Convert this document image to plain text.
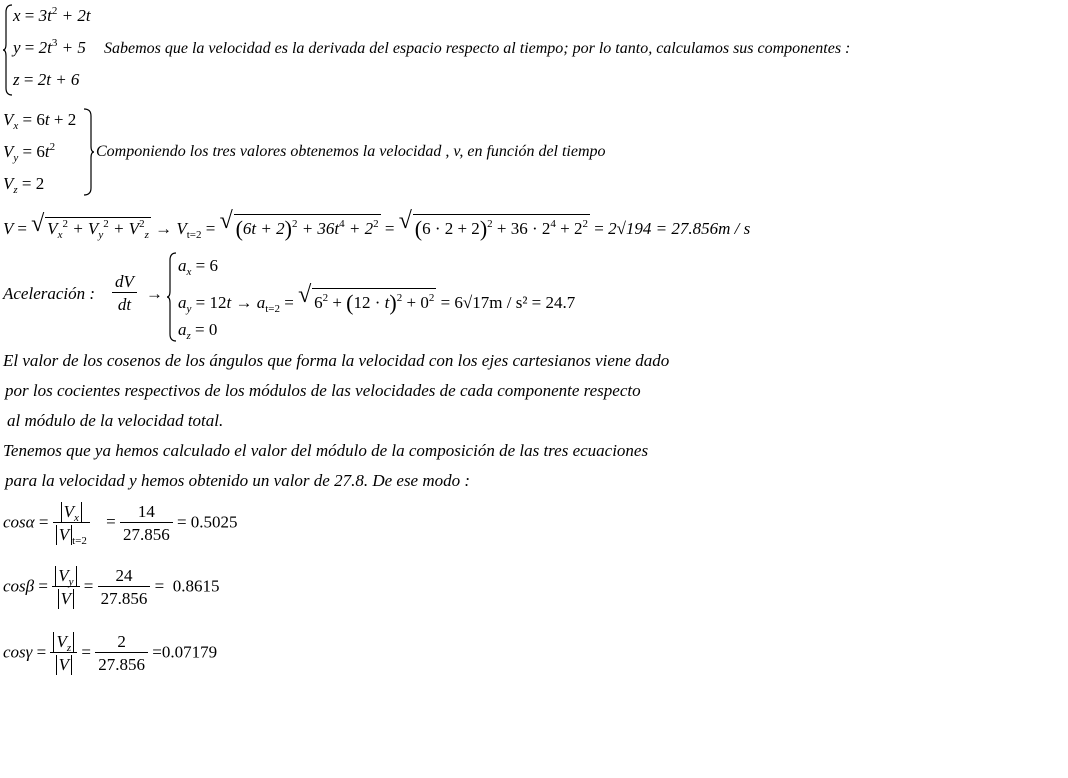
$x = 3t^2 + 2t$
$y = 2t^3 + 5$ Sabemos que la velocidad es la derivada del espacio respecto al tiempo; por lo tanto, calculamos sus componentes :
z = 2t + 6
$V_x = 6t + 2$
$V_y = 6t^2$
$V_z = 2$
Componiendo los tres valores obtenemos la velocidad , v, en función del tiempo
V = √ $V_x^2 + V_y^2 + V^2_z \to V_{t=2}$ = √ $(6t + 2)^2 + 36t^4 + 2^2$ = √ $(6 \cdot 2 + 2)^2 + 36 \cdot 2^4 + 2^2 = 2√194 = 27.856m / s$
Aceleración : $\frac{dV}{dt}$ →
$a_x = 6$
$a_y = 12t \to a_{t=2}$ = √ $6^2 + (12 \cdot t)^2 + 0^2 = 6√17m / s^2 = 24.7$
$a_z = 0$
El valor de los cosenos de los ángulos que forma la velocidad con los ejes cartesianos viene dado
por los cocientes respectivos de los módulos de las velocidades de cada componente respecto
al módulo de la velocidad total.
Tenemos que ya hemos calculado el valor del módulo de la composición de las tres ecuaciones
para la velocidad y hemos obtenido un valor de 27.8. De ese modo :
$\cos\alpha = \frac{V_x}{V _{t=2}} = \frac{14}{27.856} = 0.5025$
$\cos\beta = \frac{V_y}{V} = \frac{24}{27.856} = 0.8615$
$\cos\gamma = \frac{V_z}{V} = \frac{2}{27.856} =0.07179$
